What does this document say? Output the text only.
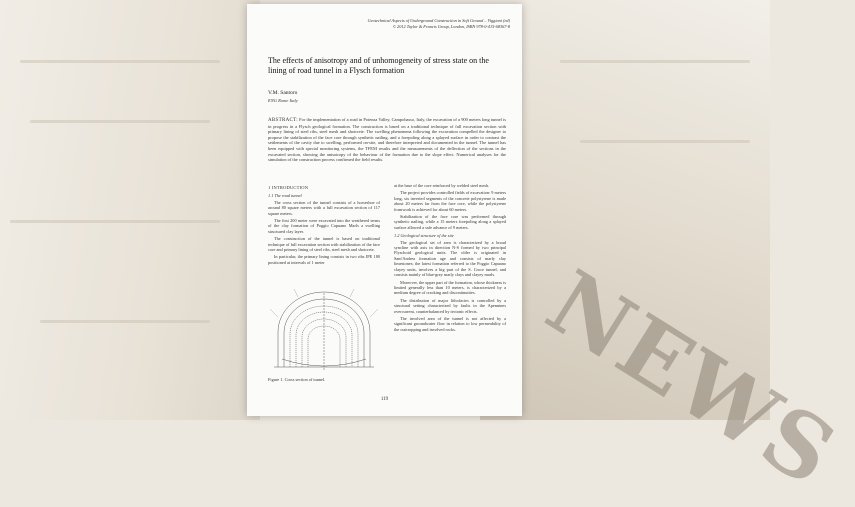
NEWS
Geotechnical Aspects of Underground Construction in Soft Ground – Viggiani (ed)
© 2012 Taylor & Francis Group, London, ISBN 978-0-415-68367-8
The effects of anisotropy and of unhomogeneity of stress state on the lining of road tunnel in a Flysch formation
V.M. Santoro
ENG Rome Italy
ABSTRACT: For the implementation of a road in Potenza Valley, Campobasso, Italy, the excavation of a 900 meters long tunnel is in progress in a Flysch geological formation. The construction is based on a traditional technique of full excavation section with primary lining of steel ribs, steel mesh and shotcrete. The swelling phenomena following the excavation compelled the designer to propose the stabilization of the face core through synthetic nailing, and a forepoling along a splayed surface in order to contrast the settlements of the cavity due to swelling, performed on-site, and therefore interpreted and documented in the tunnel. The tunnel has been equipped with special monitoring systems, the TFEM results and the measurements of the deflection of the sections in the excavated section, showing the anisotropy of the behaviour of the formation due to the slope effect. Numerical analyses for the simulation of the construction process confirmed the field results.
1 INTRODUCTION
1.1 The road tunnel

The cross section of the tunnel consists of a horseshoe of around 80 square meters with a full excavation section of 117 square meters.

The first 200 meter were excavated into the weathered terms of the clay formation of Poggio Capuano Marls a swelling structured clay layer.

The construction of the tunnel is based on traditional technique of full excavation section with stabilization of the face core and primary lining of steel ribs, steel mesh and shotcrete.

In particular, the primary lining consists in two ribs IPE 180 positioned at intervals of 1 meter

at the base of the core reinforced by welded steel mesh.

The project provides controlled fields of excavation: 9 meters long, six inverted segments of the concrete polystyrene is made about 20 meters far from the face core, while the polystyrene formwork is achieved for about 60 meters.

Stabilization of the face core was performed through synthetic nailing, while a 15 meters forepoling along a splayed surface allowed a safe advance of 9 meters.

1.2 Geological structure of the site

The geological set of area is characterized by a broad syncline with axis in direction N-S formed by two principal Flyschoid geological units. The older is originated in Sant'Andrea formation age and consists of marly clay limestones; the latest formation referred to the Poggio Capuano clayey units, involves a big part of the S. Croce tunnel, and consists mainly of blue-grey marly clays and clayey marls.

Moreover, the upper part of the formation, whose thickness is limited generally less than 10 meters, is characterized by a medium degree of cracking and discontinuities.

The distribution of major lithofacies is controlled by a structural setting characterized by faults in the Apennines overcurrent, counterbalanced by tectonic effects.

The involved area of the tunnel is not affected by a significant groundwater flow in relation to low permeability of the outcropping and involved rocks.

Figure 1. Cross section of tunnel.
119
